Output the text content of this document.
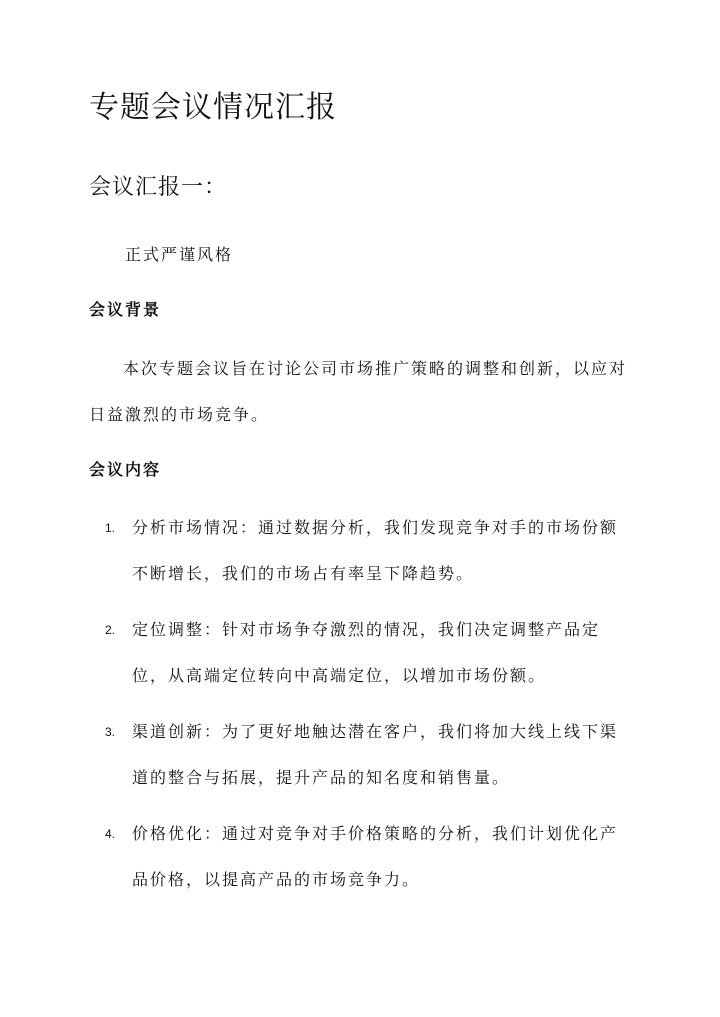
专题会议情况汇报
会议汇报一：
正式严谨风格
会议背景
本次专题会议旨在讨论公司市场推广策略的调整和创新，以应对日益激烈的市场竞争。
会议内容
1. 分析市场情况：通过数据分析，我们发现竞争对手的市场份额不断增长，我们的市场占有率呈下降趋势。
2. 定位调整：针对市场争夺激烈的情况，我们决定调整产品定位，从高端定位转向中高端定位，以增加市场份额。
3. 渠道创新：为了更好地触达潜在客户，我们将加大线上线下渠道的整合与拓展，提升产品的知名度和销售量。
4. 价格优化：通过对竞争对手价格策略的分析，我们计划优化产品价格，以提高产品的市场竞争力。
